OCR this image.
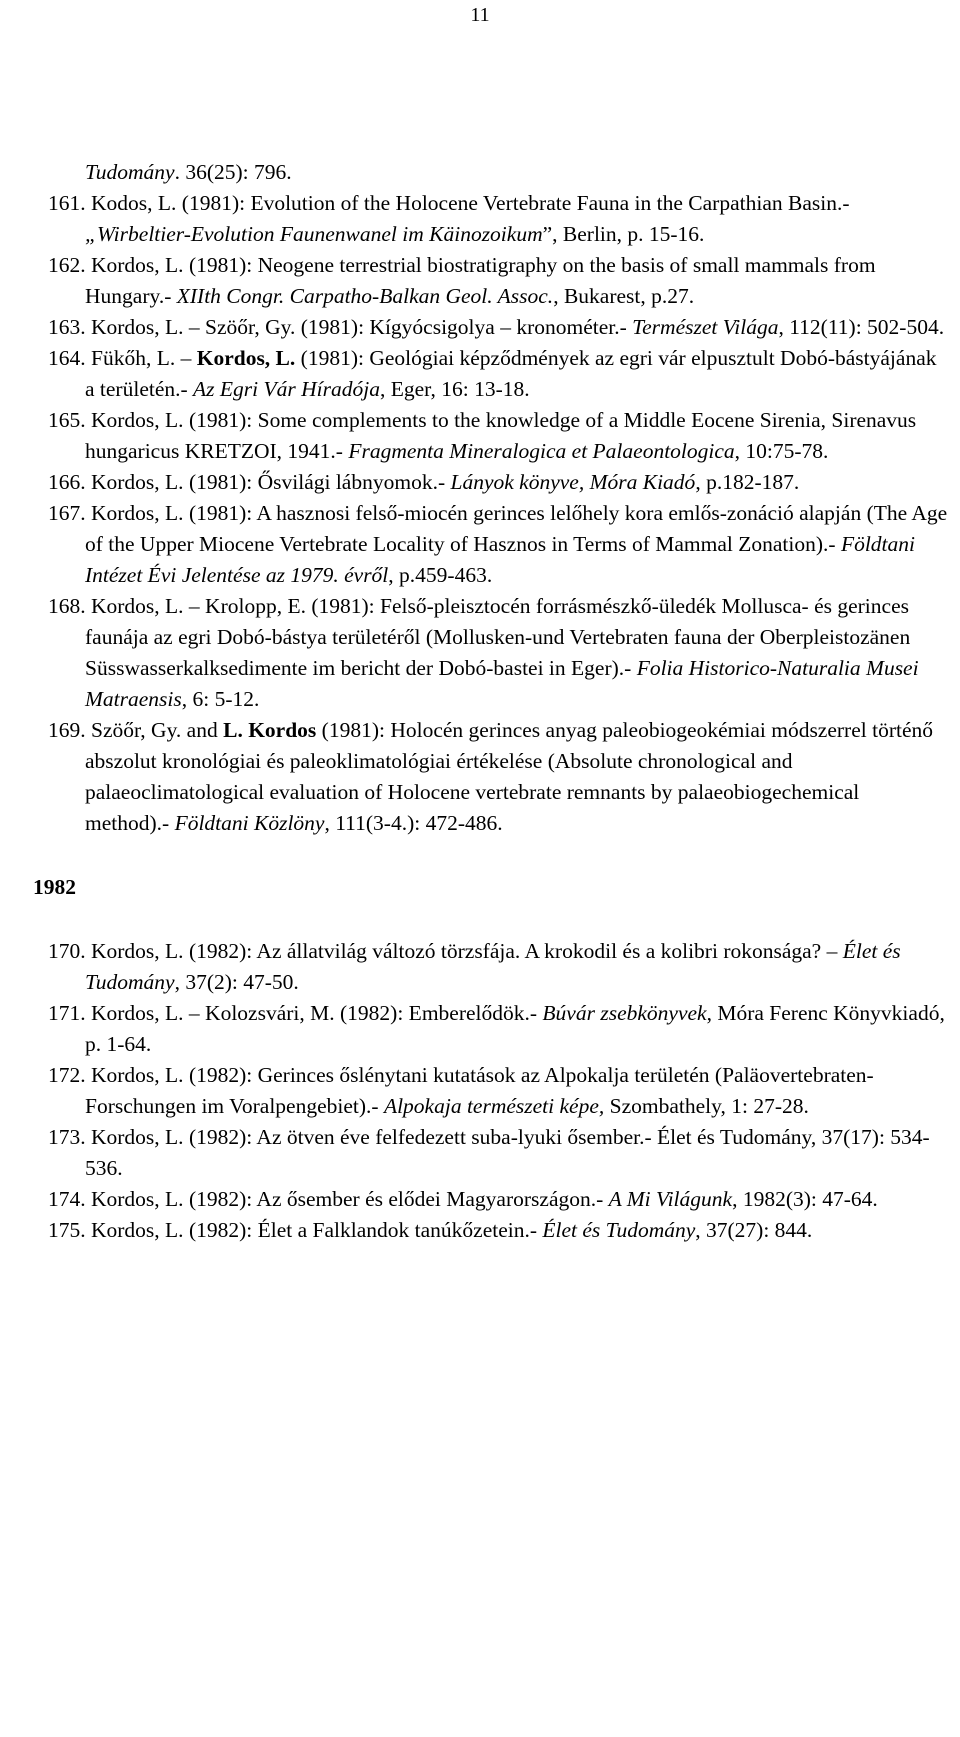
11

Tudomány. 36(25): 796.

161. Kodos, L. (1981): Evolution of the Holocene Vertebrate Fauna in the Carpathian Basin.- „Wirbeltier-Evolution Faunenwanel im Käinozoikum”, Berlin, p. 15-16.

162. Kordos, L. (1981): Neogene terrestrial biostratigraphy on the basis of small mammals from Hungary.- XIIth Congr. Carpatho-Balkan Geol. Assoc., Bukarest, p.27.

163. Kordos, L. – Szöőr, Gy. (1981): Kígyócsigolya – kronométer.- Természet Világa, 112(11): 502-504.

164. Fükőh, L. – Kordos, L. (1981): Geológiai képződmények az egri vár elpusztult Dobó-bástyájának a területén.- Az Egri Vár Híradója, Eger, 16: 13-18.

165. Kordos, L. (1981): Some complements to the knowledge of a Middle Eocene Sirenia, Sirenavus hungaricus KRETZOI, 1941.- Fragmenta Mineralogica et Palaeontologica, 10:75-78.

166. Kordos, L. (1981): Ősvilági lábnyomok.- Lányok könyve, Móra Kiadó, p.182-187.

167. Kordos, L. (1981): A hasznosi felső-miocén gerinces lelőhely kora emlős-zonáció alapján (The Age of the Upper Miocene Vertebrate Locality of Hasznos in Terms of Mammal Zonation).- Földtani Intézet Évi Jelentése az 1979. évről, p.459-463.

168. Kordos, L. – Krolopp, E. (1981): Felső-pleisztocén forrásmészkő-üledék Mollusca- és gerinces faunája az egri Dobó-bástya területéről (Mollusken-und Vertebraten fauna der Oberpleistozänen Süsswasserkalksedimente im bericht der Dobó-bastei in Eger).- Folia Historico-Naturalia Musei Matraensis, 6: 5-12.

169. Szöőr, Gy. and L. Kordos (1981): Holocén gerinces anyag paleobiogeokémiai módszerrel történő abszolut kronológiai és paleoklimatológiai értékelése (Absolute chronological and palaeoclimatological evaluation of Holocene vertebrate remnants by palaeobiogechemical method).- Földtani Közlöny, 111(3-4.): 472-486.

1982

170. Kordos, L. (1982): Az állatvilág változó törzsfája. A krokodil és a kolibri rokonsága? – Élet és Tudomány, 37(2): 47-50.

171. Kordos, L. – Kolozsvári, M. (1982): Emberelődök.- Búvár zsebkönyvek, Móra Ferenc Könyvkiadó, p. 1-64.

172. Kordos, L. (1982): Gerinces őslénytani kutatások az Alpokalja területén (Paläovertebraten-Forschungen im Voralpengebiet).- Alpokaja természeti képe, Szombathely, 1: 27-28.

173. Kordos, L. (1982): Az ötven éve felfedezett suba-lyuki ősember.- Élet és Tudomány, 37(17): 534-536.

174. Kordos, L. (1982): Az ősember és elődei Magyarországon.- A Mi Világunk, 1982(3): 47-64.

175. Kordos, L. (1982): Élet a Falklandok tanúkőzetein.- Élet és Tudomány, 37(27): 844.
